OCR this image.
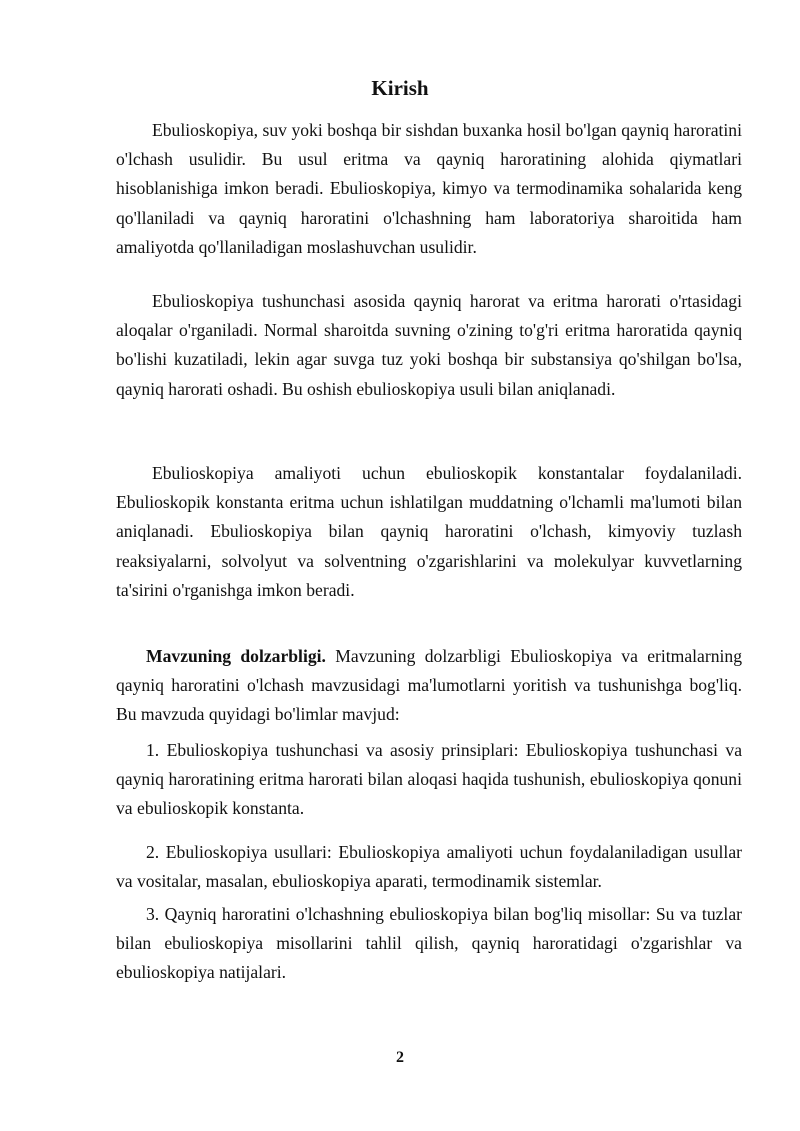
Kirish

Ebulioskopiya, suv yoki boshqa bir sishdan buxanka hosil bo'lgan qayniq haroratini o'lchash usulidir. Bu usul eritma va qayniq haroratining alohida qiymatlari hisoblanishiga imkon beradi. Ebulioskopiya, kimyo va termodinamika sohalarida keng qo'llaniladi va qayniq haroratini o'lchashning ham laboratoriya sharoitida ham amaliyotda qo'llaniladigan moslashuvchan usulidir.

Ebulioskopiya tushunchasi asosida qayniq harorat va eritma harorati o'rtasidagi aloqalar o'rganiladi. Normal sharoitda suvning o'zining to'g'ri eritma haroratida qayniq bo'lishi kuzatiladi, lekin agar suvga tuz yoki boshqa bir substansiya qo'shilgan bo'lsa, qayniq harorati oshadi. Bu oshish ebulioskopiya usuli bilan aniqlanadi.

Ebulioskopiya amaliyoti uchun ebulioskopik konstantalar foydalaniladi. Ebulioskopik konstanta eritma uchun ishlatilgan muddatning o'lchamli ma'lumoti bilan aniqlanadi. Ebulioskopiya bilan qayniq haroratini o'lchash, kimyoviy tuzlash reaksiyalarni, solvolyut va solventning o'zgarishlarini va molekulyar kuvvetlarning ta'sirini o'rganishgа imkon beradi.

Mavzuning dolzarbligi. Mavzuning dolzarbligi Ebulioskopiya va eritmalarning qayniq haroratini o'lchash mavzusidagi ma'lumotlarni yoritish va tushunishga bog'liq. Bu mavzuda quyidagi bo'limlar mavjud:

1. Ebulioskopiya tushunchasi va asosiy prinsiplari: Ebulioskopiya tushunchasi va qayniq haroratining eritma harorati bilan aloqasi haqida tushunish, ebulioskopiya qonuni va ebulioskopik konstanta.

2. Ebulioskopiya usullari: Ebulioskopiya amaliyoti uchun foydalaniladigan usullar va vositalar, masalan, ebulioskopiya aparati, termodinamik sistemlar.

3. Qayniq haroratini o'lchashning ebulioskopiya bilan bog'liq misollar: Su va tuzlar bilan ebulioskopiya misollarini tahlil qilish, qayniq haroratidagi o'zgarishlar va ebulioskopiya natijalari.

2
